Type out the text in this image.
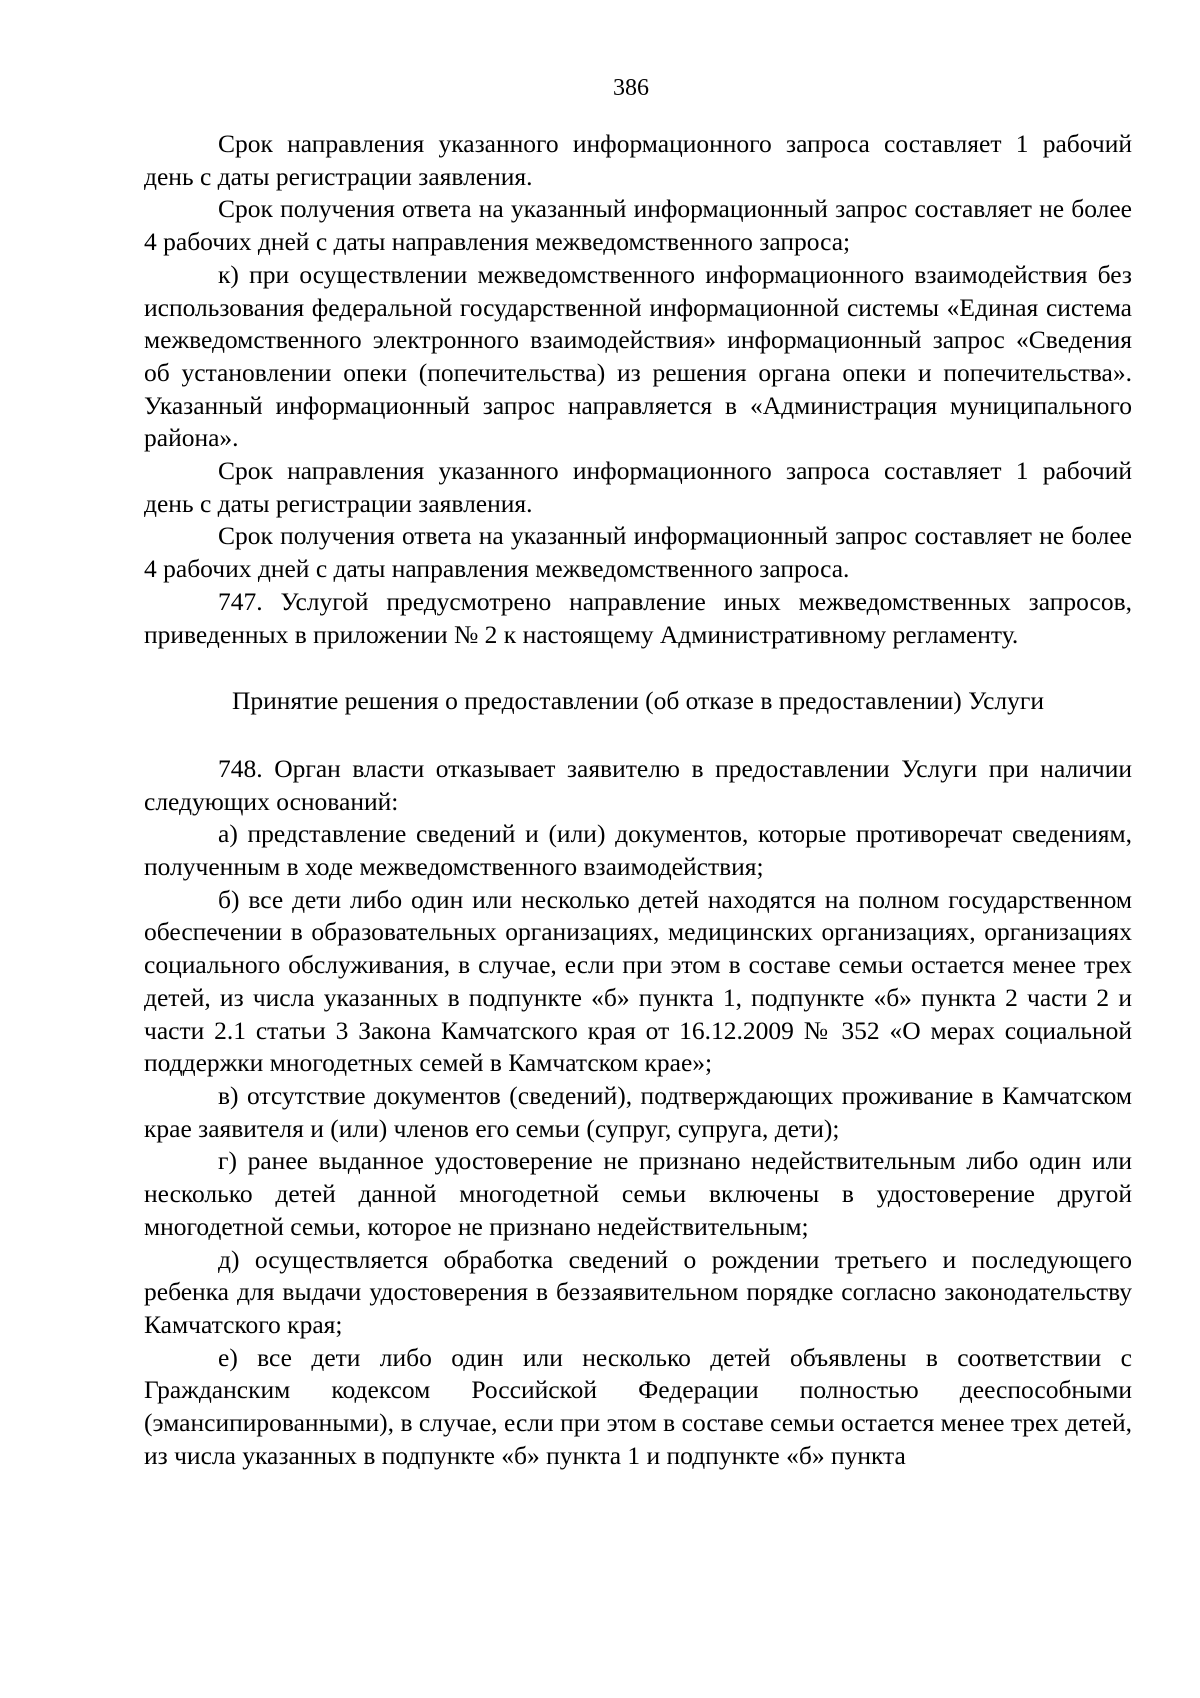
386

Срок направления указанного информационного запроса составляет 1 рабочий день с даты регистрации заявления.

Срок получения ответа на указанный информационный запрос составляет не более 4 рабочих дней с даты направления межведомственного запроса;

к) при осуществлении межведомственного информационного взаимодействия без использования федеральной государственной информационной системы «Единая система межведомственного электронного взаимодействия» информационный запрос «Сведения об установлении опеки (попечительства) из решения органа опеки и попечительства». Указанный информационный запрос направляется в «Администрация муниципального района».

Срок направления указанного информационного запроса составляет 1 рабочий день с даты регистрации заявления.

Срок получения ответа на указанный информационный запрос составляет не более 4 рабочих дней с даты направления межведомственного запроса.

747. Услугой предусмотрено направление иных межведомственных запросов, приведенных в приложении № 2 к настоящему Административному регламенту.

Принятие решения о предоставлении (об отказе в предоставлении) Услуги

748. Орган власти отказывает заявителю в предоставлении Услуги при наличии следующих оснований:

а) представление сведений и (или) документов, которые противоречат сведениям, полученным в ходе межведомственного взаимодействия;

б) все дети либо один или несколько детей находятся на полном государственном обеспечении в образовательных организациях, медицинских организациях, организациях социального обслуживания, в случае, если при этом в составе семьи остается менее трех детей, из числа указанных в подпункте «б» пункта 1, подпункте «б» пункта 2 части 2 и части 2.1 статьи 3 Закона Камчатского края от 16.12.2009 № 352 «О мерах социальной поддержки многодетных семей в Камчатском крае»;

в) отсутствие документов (сведений), подтверждающих проживание в Камчатском крае заявителя и (или) членов его семьи (супруг, супруга, дети);

г) ранее выданное удостоверение не признано недействительным либо один или несколько детей данной многодетной семьи включены в удостоверение другой многодетной семьи, которое не признано недействительным;

д) осуществляется обработка сведений о рождении третьего и последующего ребенка для выдачи удостоверения в беззаявительном порядке согласно законодательству Камчатского края;

е) все дети либо один или несколько детей объявлены в соответствии с Гражданским кодексом Российской Федерации полностью дееспособными (эмансипированными), в случае, если при этом в составе семьи остается менее трех детей, из числа указанных в подпункте «б» пункта 1 и подпункте «б» пункта
